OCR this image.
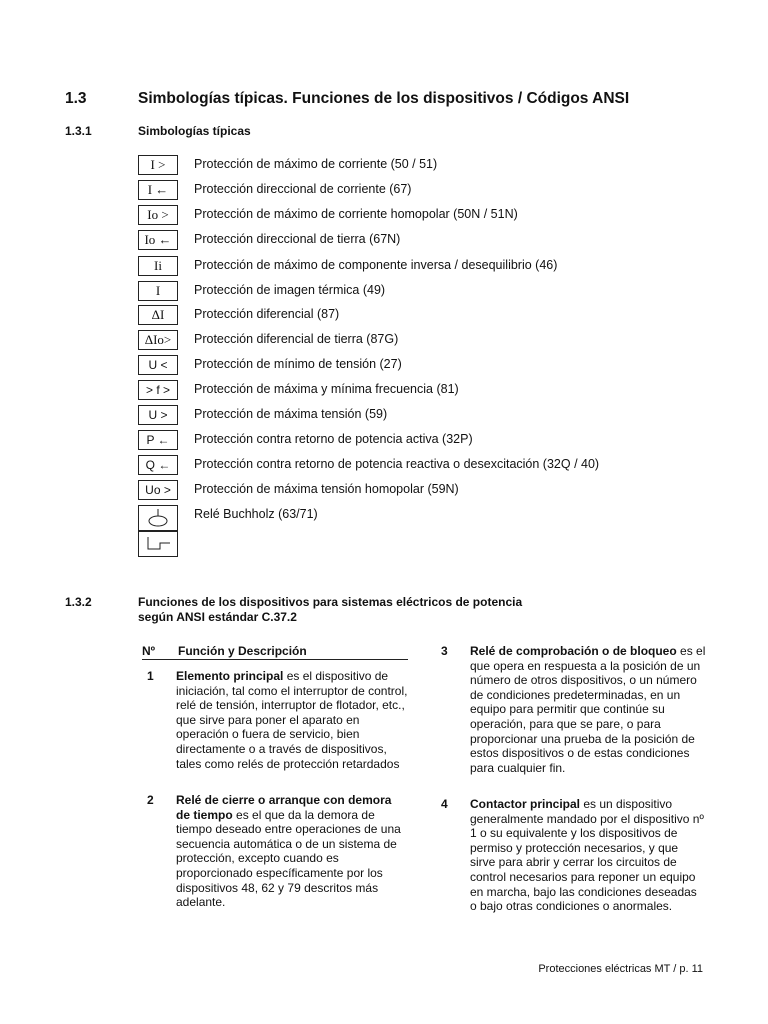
1.3	Simbologías típicas. Funciones de los dispositivos / Códigos ANSI
1.3.1	Simbologías típicas
I > Protección de máximo de corriente (50 / 51)
I ← Protección direccional de corriente (67)
Io > Protección de máximo de corriente homopolar (50N / 51N)
Io ← Protección direccional de tierra (67N)
Ii	Protección de máximo de componente inversa / desequilibrio (46)
I	Protección de imagen térmica (49)
ΔI Protección diferencial (87)
ΔIo> Protección diferencial de tierra (87G)
U < Protección de mínimo de tensión (27)
> f > Protección de máxima y mínima frecuencia (81)
U > Protección de máxima tensión (59)
P ← Protección contra retorno de potencia activa (32P)
Q ← Protección contra retorno de potencia reactiva o desexcitación (32Q / 40)
Uo > Protección de máxima tensión homopolar (59N)
Relé Buchholz (63/71)
1.3.2	Funciones de los dispositivos para sistemas eléctricos de potencia
según ANSI estándar C.37.2
Nº Función y Descripción
1 Elemento principal es el dispositivo de iniciación, tal como el interruptor de control, relé de tensión, interruptor de flotador, etc., que sirve para poner el aparato en operación o fuera de servicio, bien directamente o a través de dispositivos, tales como relés de protección retardados
2 Relé de cierre o arranque con demora de tiempo es el que da la demora de tiempo deseado entre operaciones de una secuencia automática o de un sistema de protección, excepto cuando es proporcionado específicamente por los dispositivos 48, 62 y 79 descritos más adelante.
3 Relé de comprobación o de bloqueo es el que opera en respuesta a la posición de un número de otros dispositivos, o un número de condiciones predeterminadas, en un equipo para permitir que continúe su operación, para que se pare, o para proporcionar una prueba de la posición de estos dispositivos o de estas condiciones para cualquier fin.
4 Contactor principal es un dispositivo generalmente mandado por el dispositivo nº 1 o su equivalente y los dispositivos de permiso y protección necesarios, y que sirve para abrir y cerrar los circuitos de control necesarios para reponer un equipo en marcha, bajo las condiciones deseadas o bajo otras condiciones o anormales.
Protecciones eléctricas MT / p. 11
